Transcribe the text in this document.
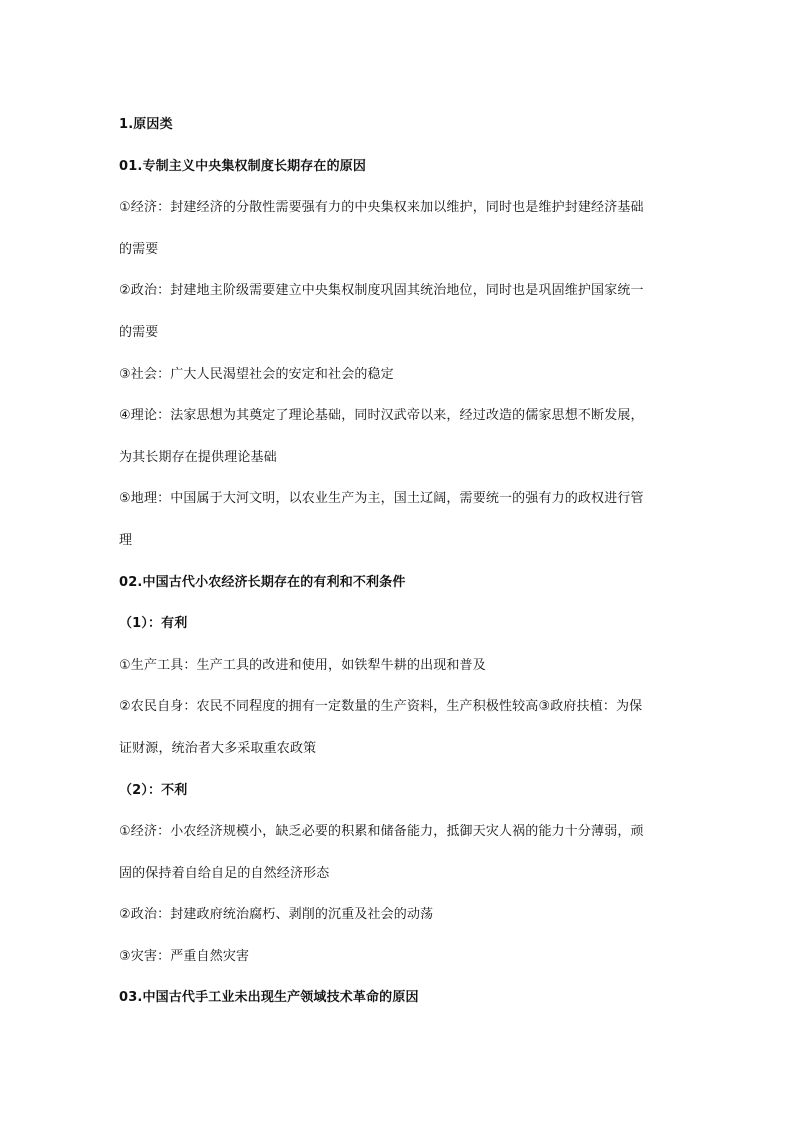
1.原因类
01.专制主义中央集权制度长期存在的原因
①经济：封建经济的分散性需要强有力的中央集权来加以维护，同时也是维护封建经济基础
的需要
②政治：封建地主阶级需要建立中央集权制度巩固其统治地位，同时也是巩固维护国家统一
的需要
③社会：广大人民渴望社会的安定和社会的稳定
④理论：法家思想为其奠定了理论基础，同时汉武帝以来，经过改造的儒家思想不断发展，
为其长期存在提供理论基础
⑤地理：中国属于大河文明，以农业生产为主，国土辽阔，需要统一的强有力的政权进行管
理
02.中国古代小农经济长期存在的有利和不利条件
（1）：有利
①生产工具：生产工具的改进和使用，如铁犁牛耕的出现和普及
②农民自身：农民不同程度的拥有一定数量的生产资料，生产积极性较高③政府扶植：为保
证财源，统治者大多采取重农政策
（2）：不利
①经济：小农经济规模小，缺乏必要的积累和储备能力，抵御天灾人祸的能力十分薄弱，顽
固的保持着自给自足的自然经济形态
②政治：封建政府统治腐朽、剥削的沉重及社会的动荡
③灾害：严重自然灾害
03.中国古代手工业未出现生产领域技术革命的原因
